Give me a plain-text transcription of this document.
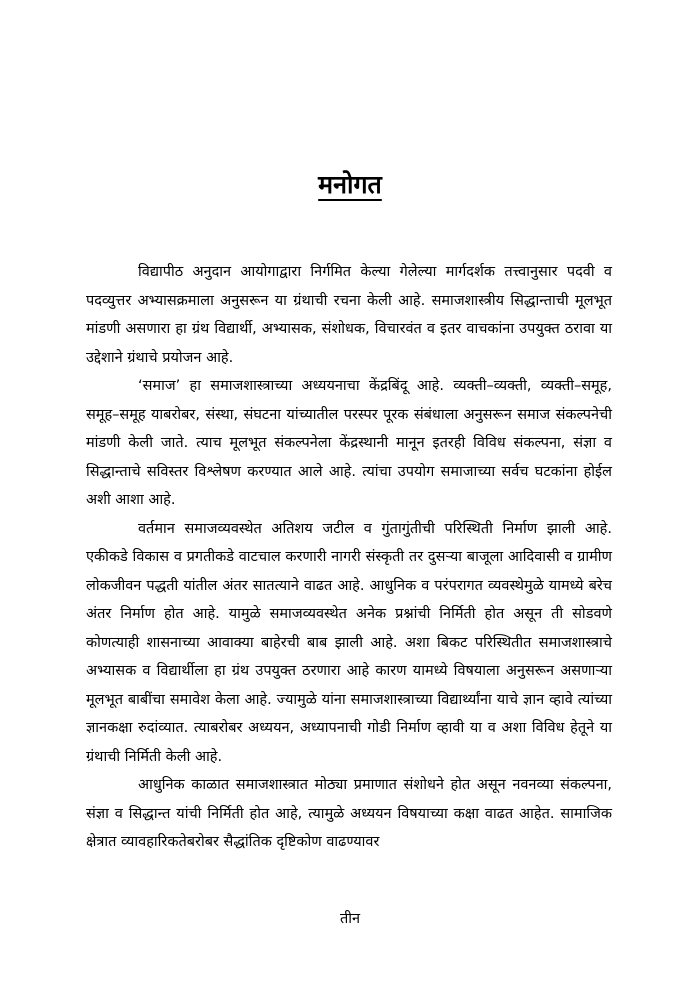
मनोगत

विद्यापीठ अनुदान आयोगाद्वारा निर्गमित केल्या गेलेल्या मार्गदर्शक तत्त्वानुसार पदवी व पदव्युत्तर अभ्यासक्रमाला अनुसरून या ग्रंथाची रचना केली आहे. समाजशास्त्रीय सिद्धान्ताची मूलभूत मांडणी असणारा हा ग्रंथ विद्यार्थी, अभ्यासक, संशोधक, विचारवंत व इतर वाचकांना उपयुक्त ठरावा या उद्देशाने ग्रंथाचे प्रयोजन आहे.

‘समाज’ हा समाजशास्त्राच्या अध्ययनाचा केंद्रबिंदू आहे. व्यक्ती–व्यक्ती, व्यक्ती–समूह, समूह–समूह याबरोबर, संस्था, संघटना यांच्यातील परस्पर पूरक संबंधाला अनुसरून समाज संकल्पनेची मांडणी केली जाते. त्याच मूलभूत संकल्पनेला केंद्रस्थानी मानून इतरही विविध संकल्पना, संज्ञा व सिद्धान्ताचे सविस्तर विश्लेषण करण्यात आले आहे. त्यांचा उपयोग समाजाच्या सर्वच घटकांना होईल अशी आशा आहे.

वर्तमान समाजव्यवस्थेत अतिशय जटील व गुंतागुंतीची परिस्थिती निर्माण झाली आहे. एकीकडे विकास व प्रगतीकडे वाटचाल करणारी नागरी संस्कृती तर दुसऱ्या बाजूला आदिवासी व ग्रामीण लोकजीवन पद्धती यांतील अंतर सातत्याने वाढत आहे. आधुनिक व परंपरागत व्यवस्थेमुळे यामध्ये बरेच अंतर निर्माण होत आहे. यामुळे समाजव्यवस्थेत अनेक प्रश्नांची निर्मिती होत असून ती सोडवणे कोणत्याही शासनाच्या आवाक्या बाहेरची बाब झाली आहे. अशा बिकट परिस्थितीत समाजशास्त्राचे अभ्यासक व विद्यार्थीला हा ग्रंथ उपयुक्त ठरणारा आहे कारण यामध्ये विषयाला अनुसरून असणाऱ्या मूलभूत बाबींचा समावेश केला आहे. ज्यामुळे यांना समाजशास्त्राच्या विद्यार्थ्यांना याचे ज्ञान व्हावे त्यांच्या ज्ञानकक्षा रुदांव्यात. त्याबरोबर अध्ययन, अध्यापनाची गोडी निर्माण व्हावी या व अशा विविध हेतूने या ग्रंथाची निर्मिती केली आहे.

आधुनिक काळात समाजशास्त्रात मोठ्या प्रमाणात संशोधने होत असून नवनव्या संकल्पना, संज्ञा व सिद्धान्त यांची निर्मिती होत आहे, त्यामुळे अध्ययन विषयाच्या कक्षा वाढत आहेत. सामाजिक क्षेत्रात व्यावहारिकतेबरोबर सैद्धांतिक दृष्टिकोण वाढण्यावर

तीन
